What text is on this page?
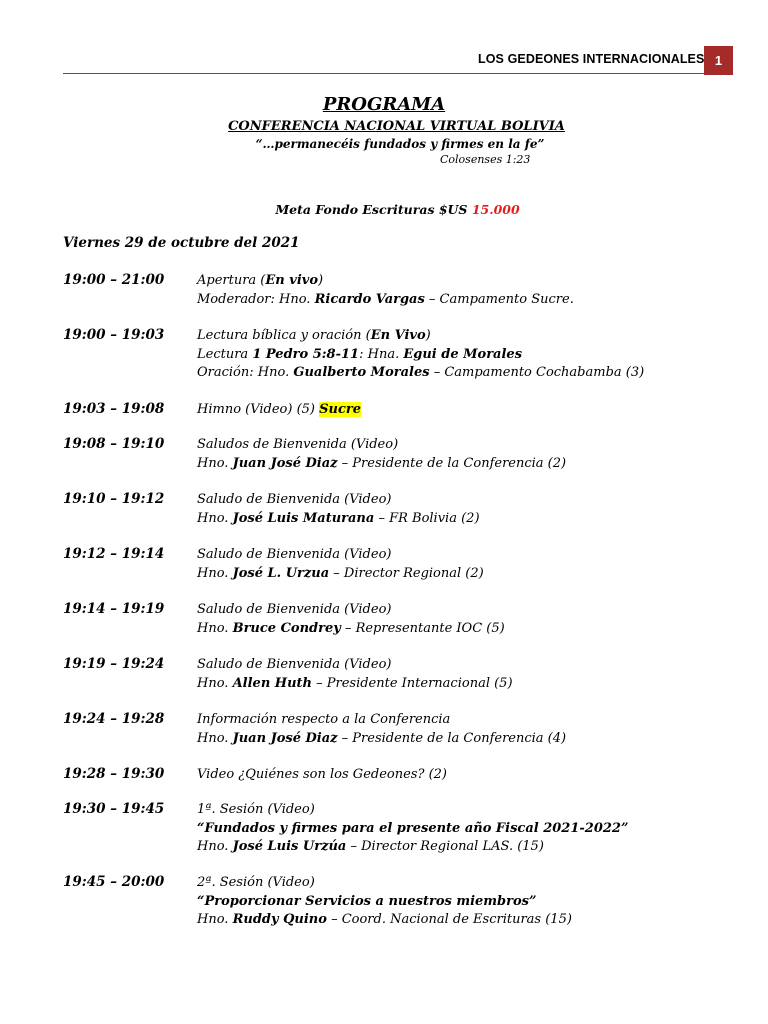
LOS GEDEONES INTERNACIONALES 1
PROGRAMA
CONFERENCIA NACIONAL VIRTUAL BOLIVIA
“…permanecéis fundados y firmes en la fe”
Colosenses 1:23
Meta Fondo Escrituras $US 15.000
Viernes 29 de octubre del 2021
19:00 – 21:00	Apertura (En vivo)
Moderador: Hno. Ricardo Vargas – Campamento Sucre.
19:00 – 19:03	Lectura bíblica y oración (En Vivo)
Lectura 1 Pedro 5:8-11: Hna. Egui de Morales
Oración: Hno. Gualberto Morales – Campamento Cochabamba (3)
19:03 – 19:08	Himno (Video) (5) Sucre
19:08 – 19:10	Saludos de Bienvenida (Video)
Hno. Juan José Diaz – Presidente de la Conferencia (2)
19:10 – 19:12	Saludo de Bienvenida (Video)
Hno. José Luis Maturana – FR Bolivia (2)
19:12 – 19:14	Saludo de Bienvenida (Video)
Hno. José L. Urzua – Director Regional (2)
19:14 – 19:19	Saludo de Bienvenida (Video)
Hno. Bruce Condrey – Representante IOC (5)
19:19 – 19:24	Saludo de Bienvenida (Video)
Hno. Allen Huth – Presidente Internacional (5)
19:24 – 19:28	Información respecto a la Conferencia
Hno. Juan José Diaz – Presidente de la Conferencia (4)
19:28 – 19:30	Video ¿Quiénes son los Gedeones? (2)
19:30 – 19:45	1ª. Sesión (Video)
“Fundados y firmes para el presente año Fiscal 2021-2022”
Hno. José Luis Urzúa – Director Regional LAS. (15)
19:45 – 20:00	2ª. Sesión (Video)
“Proporcionar Servicios a nuestros miembros”
Hno. Ruddy Quino – Coord. Nacional de Escrituras (15)
